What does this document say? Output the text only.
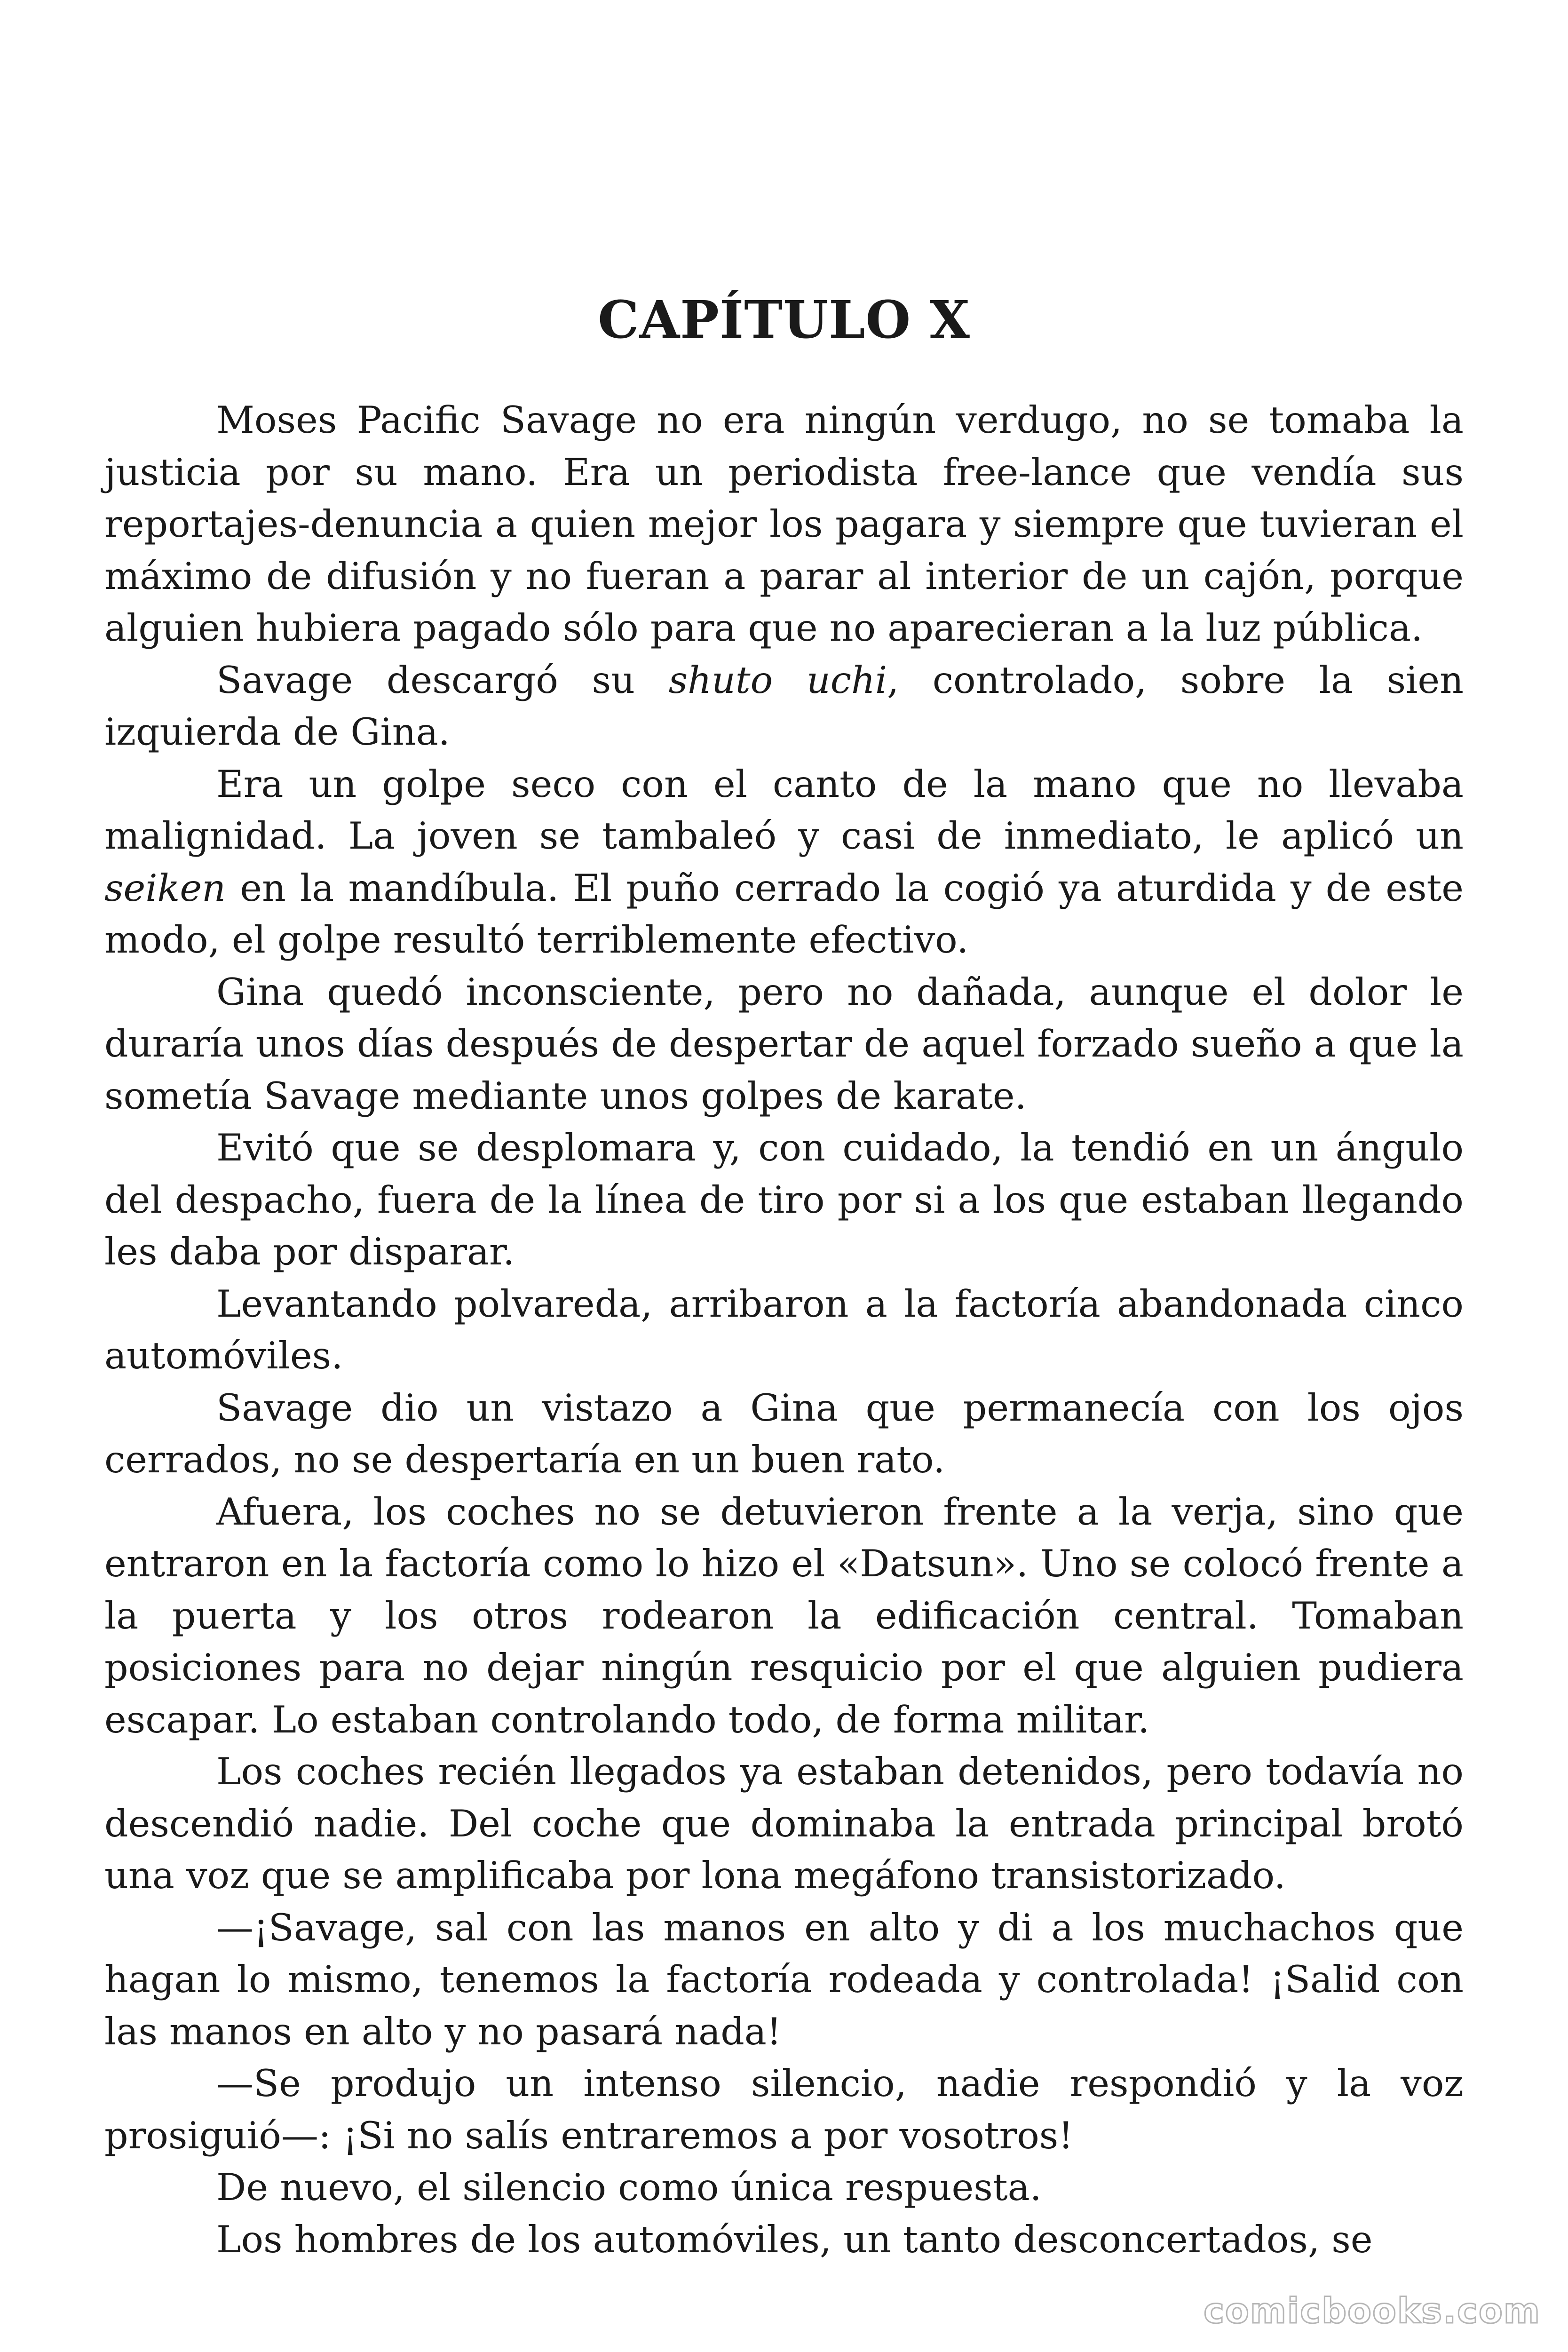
CAPÍTULO X

Moses Pacific Savage no era ningún verdugo, no se tomaba la justicia por su mano. Era un periodista free-lance que vendía sus reportajes-denuncia a quien mejor los pagara y siempre que tuvieran el máximo de difusión y no fueran a parar al interior de un cajón, porque alguien hubiera pagado sólo para que no aparecieran a la luz pública.

Savage descargó su shuto uchi, controlado, sobre la sien izquierda de Gina.

Era un golpe seco con el canto de la mano que no llevaba malignidad. La joven se tambaleó y casi de inmediato, le aplicó un seiken en la mandíbula. El puño cerrado la cogió ya aturdida y de este modo, el golpe resultó terriblemente efectivo.

Gina quedó inconsciente, pero no dañada, aunque el dolor le duraría unos días después de despertar de aquel forzado sueño a que la sometía Savage mediante unos golpes de karate.

Evitó que se desplomara y, con cuidado, la tendió en un ángulo del despacho, fuera de la línea de tiro por si a los que estaban llegando les daba por disparar.

Levantando polvareda, arribaron a la factoría abandonada cinco automóviles.

Savage dio un vistazo a Gina que permanecía con los ojos cerrados, no se despertaría en un buen rato.

Afuera, los coches no se detuvieron frente a la verja, sino que entraron en la factoría como lo hizo el «Datsun». Uno se colocó frente a la puerta y los otros rodearon la edificación central. Tomaban posiciones para no dejar ningún resquicio por el que alguien pudiera escapar. Lo estaban controlando todo, de forma militar.

Los coches recién llegados ya estaban detenidos, pero todavía no descendió nadie. Del coche que dominaba la entrada principal brotó una voz que se amplificaba por lona megáfono transistorizado.

—¡Savage, sal con las manos en alto y di a los muchachos que hagan lo mismo, tenemos la factoría rodeada y controlada! ¡Salid con las manos en alto y no pasará nada!

—Se produjo un intenso silencio, nadie respondió y la voz prosiguió—: ¡Si no salís entraremos a por vosotros!

De nuevo, el silencio como única respuesta.

Los hombres de los automóviles, un tanto desconcertados, se

comicbooks.com
